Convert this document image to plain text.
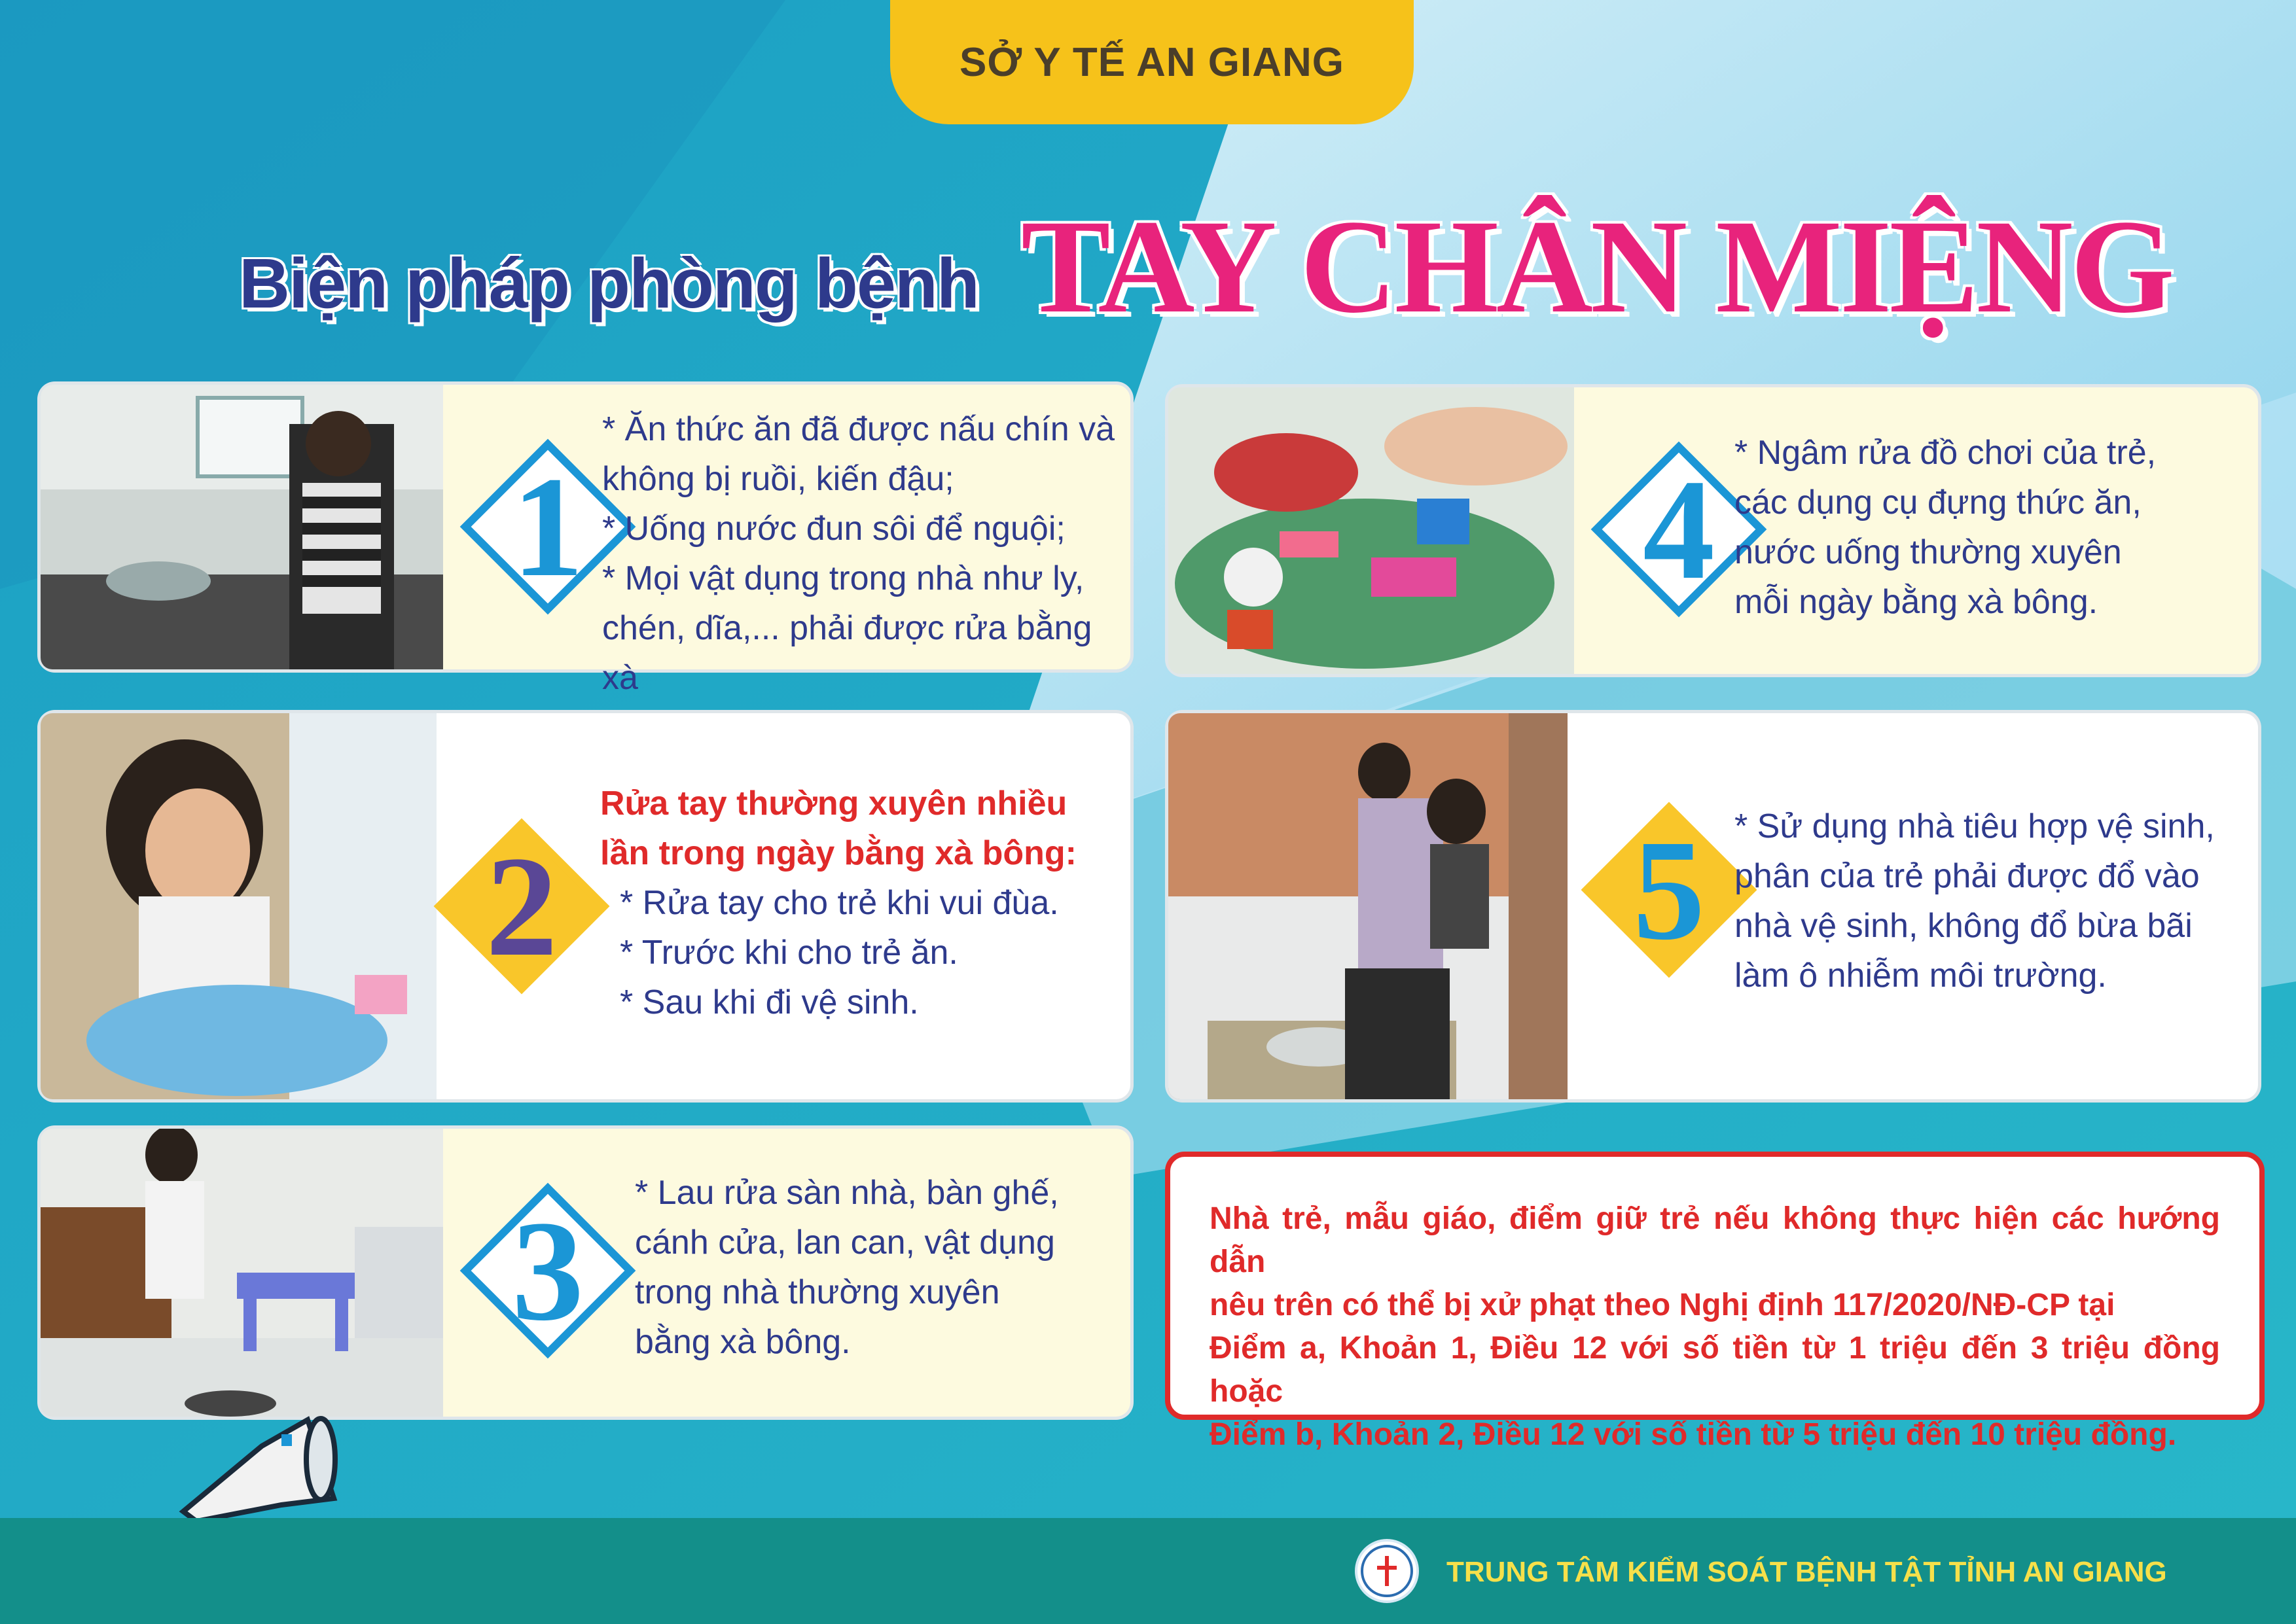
SỞ Y TẾ AN GIANG
Biện pháp phòng bệnh TAY CHÂN MIỆNG
1

* Ăn thức ăn đã được nấu chín và

không bị ruồi, kiến đậu;

* Uống nước đun sôi để nguội;

* Mọi vật dụng trong nhà như ly,

chén, dĩa,... phải được rửa bằng xà

2

Rửa tay thường xuyên nhiều

lần trong ngày bằng xà bông:

* Rửa tay cho trẻ khi vui đùa.

* Trước khi cho trẻ ăn.

* Sau khi đi vệ sinh.

3	* Lau rửa sàn nhà, bàn ghế,

cánh cửa, lan can, vật dụng

trong nhà thường xuyên

bằng xà bông.

4 * Ngâm rửa đồ chơi của trẻ,

các dụng cụ đựng thức ăn,

nước uống thường xuyên

mỗi ngày bằng xà bông.

5 * Sử dụng nhà tiêu hợp vệ sinh,

phân của trẻ phải được đổ vào

nhà vệ sinh, không đổ bừa bãi

làm ô nhiễm môi trường.

Nhà trẻ, mẫu giáo, điểm giữ trẻ nếu không thực hiện các hướng dẫn

nêu trên có thể bị xử phạt theo Nghị định 117/2020/NĐ-CP tại

Điểm a, Khoản 1, Điều 12 với số tiền từ 1 triệu đến 3 triệu đồng hoặc

Điểm b, Khoản 2, Điều 12 với số tiền từ 5 triệu đến 10 triệu đồng.

TRUNG TÂM KIỂM SOÁT BỆNH TẬT TỈNH AN GIANG
